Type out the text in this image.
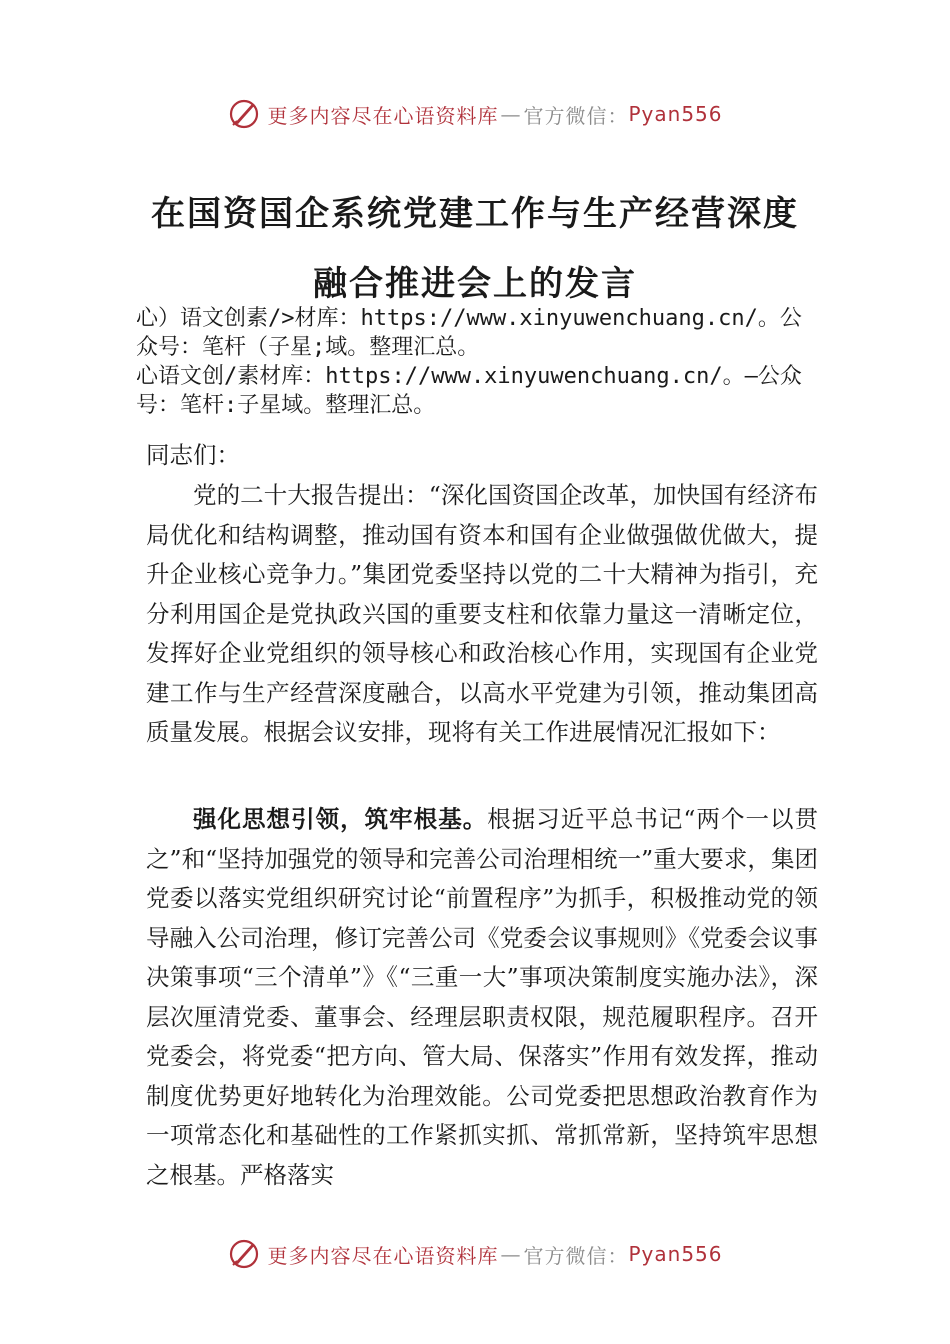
更多内容尽在心语资料库 — 官方微信： Pyan556
在国资国企系统党建工作与生产经营深度
融合推进会上的发言

心）语文创素/>材库：https://www.xinyuwenchuang.cn/。公

众号：笔杆（子星;域。整理汇总。

心语文创/素材库：https://www.xinyuwenchuang.cn/。—公众

号：笔杆:子星域。整理汇总。

同志们：

党的二十大报告提出：“深化国资国企改革，加快国有经济布局优化和结构调整，推动国有资本和国有企业做强做优做大，提升企业核心竞争力。”集团党委坚持以党的二十大精神为指引，充分利用国企是党执政兴国的重要支柱和依靠力量这一清晰定位，发挥好企业党组织的领导核心和政治核心作用，实现国有企业党建工作与生产经营深度融合，以高水平党建为引领，推动集团高质量发展。根据会议安排，现将有关工作进展情况汇报如下：

强化思想引领，筑牢根基。根据习近平总书记“两个一以贯之”和“坚持加强党的领导和完善公司治理相统一”重大要求，集团党委以落实党组织研究讨论“前置程序”为抓手，积极推动党的领导融入公司治理，修订完善公司《党委会议事规则》《党委会议事决策事项“三个清单”》《“三重一大”事项决策制度实施办法》，深层次厘清党委、董事会、经理层职责权限，规范履职程序。召开党委会，将党委“把方向、管大局、保落实”作用有效发挥，推动制度优势更好地转化为治理效能。公司党委把思想政治教育作为一项常态化和基础性的工作紧抓实抓、常抓常新，坚持筑牢思想之根基。严格落实

更多内容尽在心语资料库 — 官方微信： Pyan556
